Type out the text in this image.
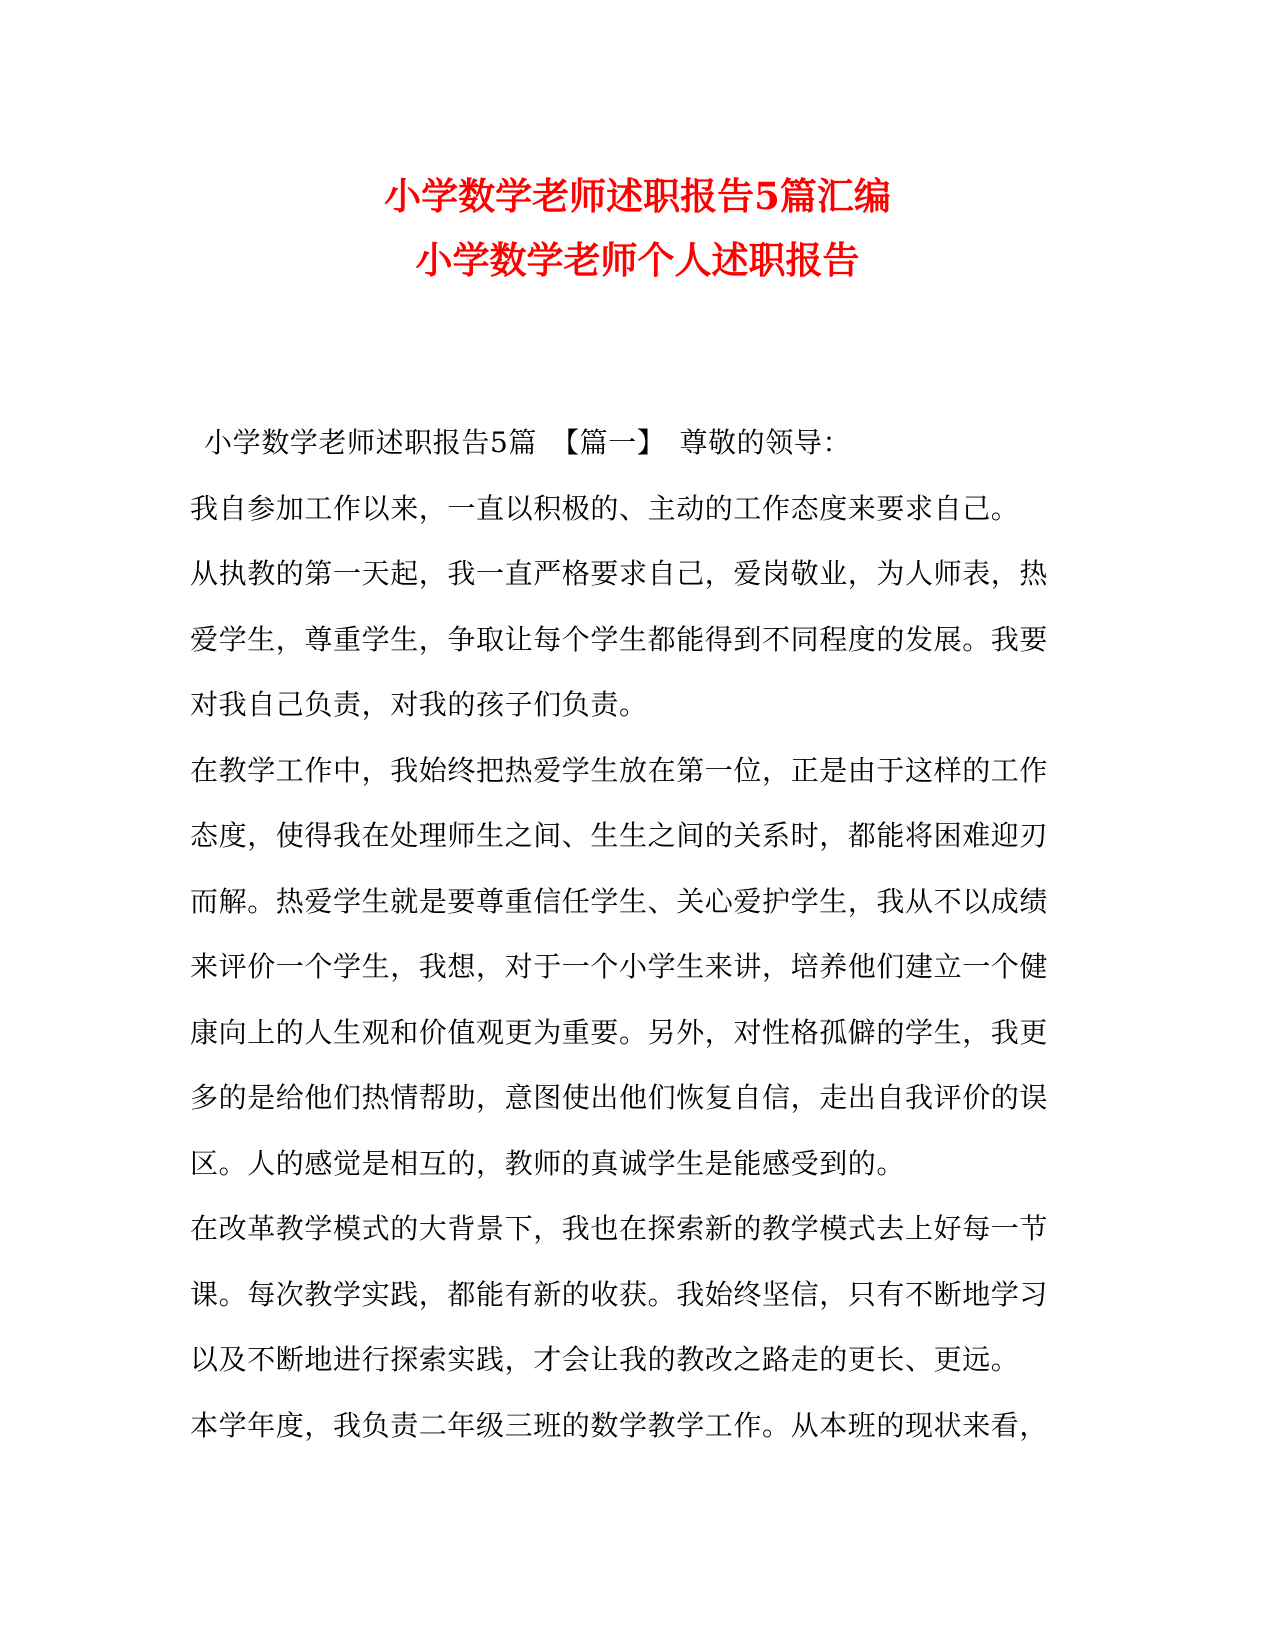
小学数学老师述职报告5篇汇编
小学数学老师个人述职报告
小学数学老师述职报告5篇 【篇一】 尊敬的领导：
我自参加工作以来，一直以积极的、主动的工作态度来要求自己。
从执教的第一天起，我一直严格要求自己，爱岗敬业，为人师表，热
爱学生，尊重学生，争取让每个学生都能得到不同程度的发展。我要
对我自己负责，对我的孩子们负责。
在教学工作中，我始终把热爱学生放在第一位，正是由于这样的工作
态度，使得我在处理师生之间、生生之间的关系时，都能将困难迎刃
而解。热爱学生就是要尊重信任学生、关心爱护学生，我从不以成绩
来评价一个学生，我想，对于一个小学生来讲，培养他们建立一个健
康向上的人生观和价值观更为重要。另外，对性格孤僻的学生，我更
多的是给他们热情帮助，意图使出他们恢复自信，走出自我评价的误
区。人的感觉是相互的，教师的真诚学生是能感受到的。
在改革教学模式的大背景下，我也在探索新的教学模式去上好每一节
课。每次教学实践，都能有新的收获。我始终坚信，只有不断地学习
以及不断地进行探索实践，才会让我的教改之路走的更长、更远。
本学年度，我负责二年级三班的数学教学工作。从本班的现状来看，
